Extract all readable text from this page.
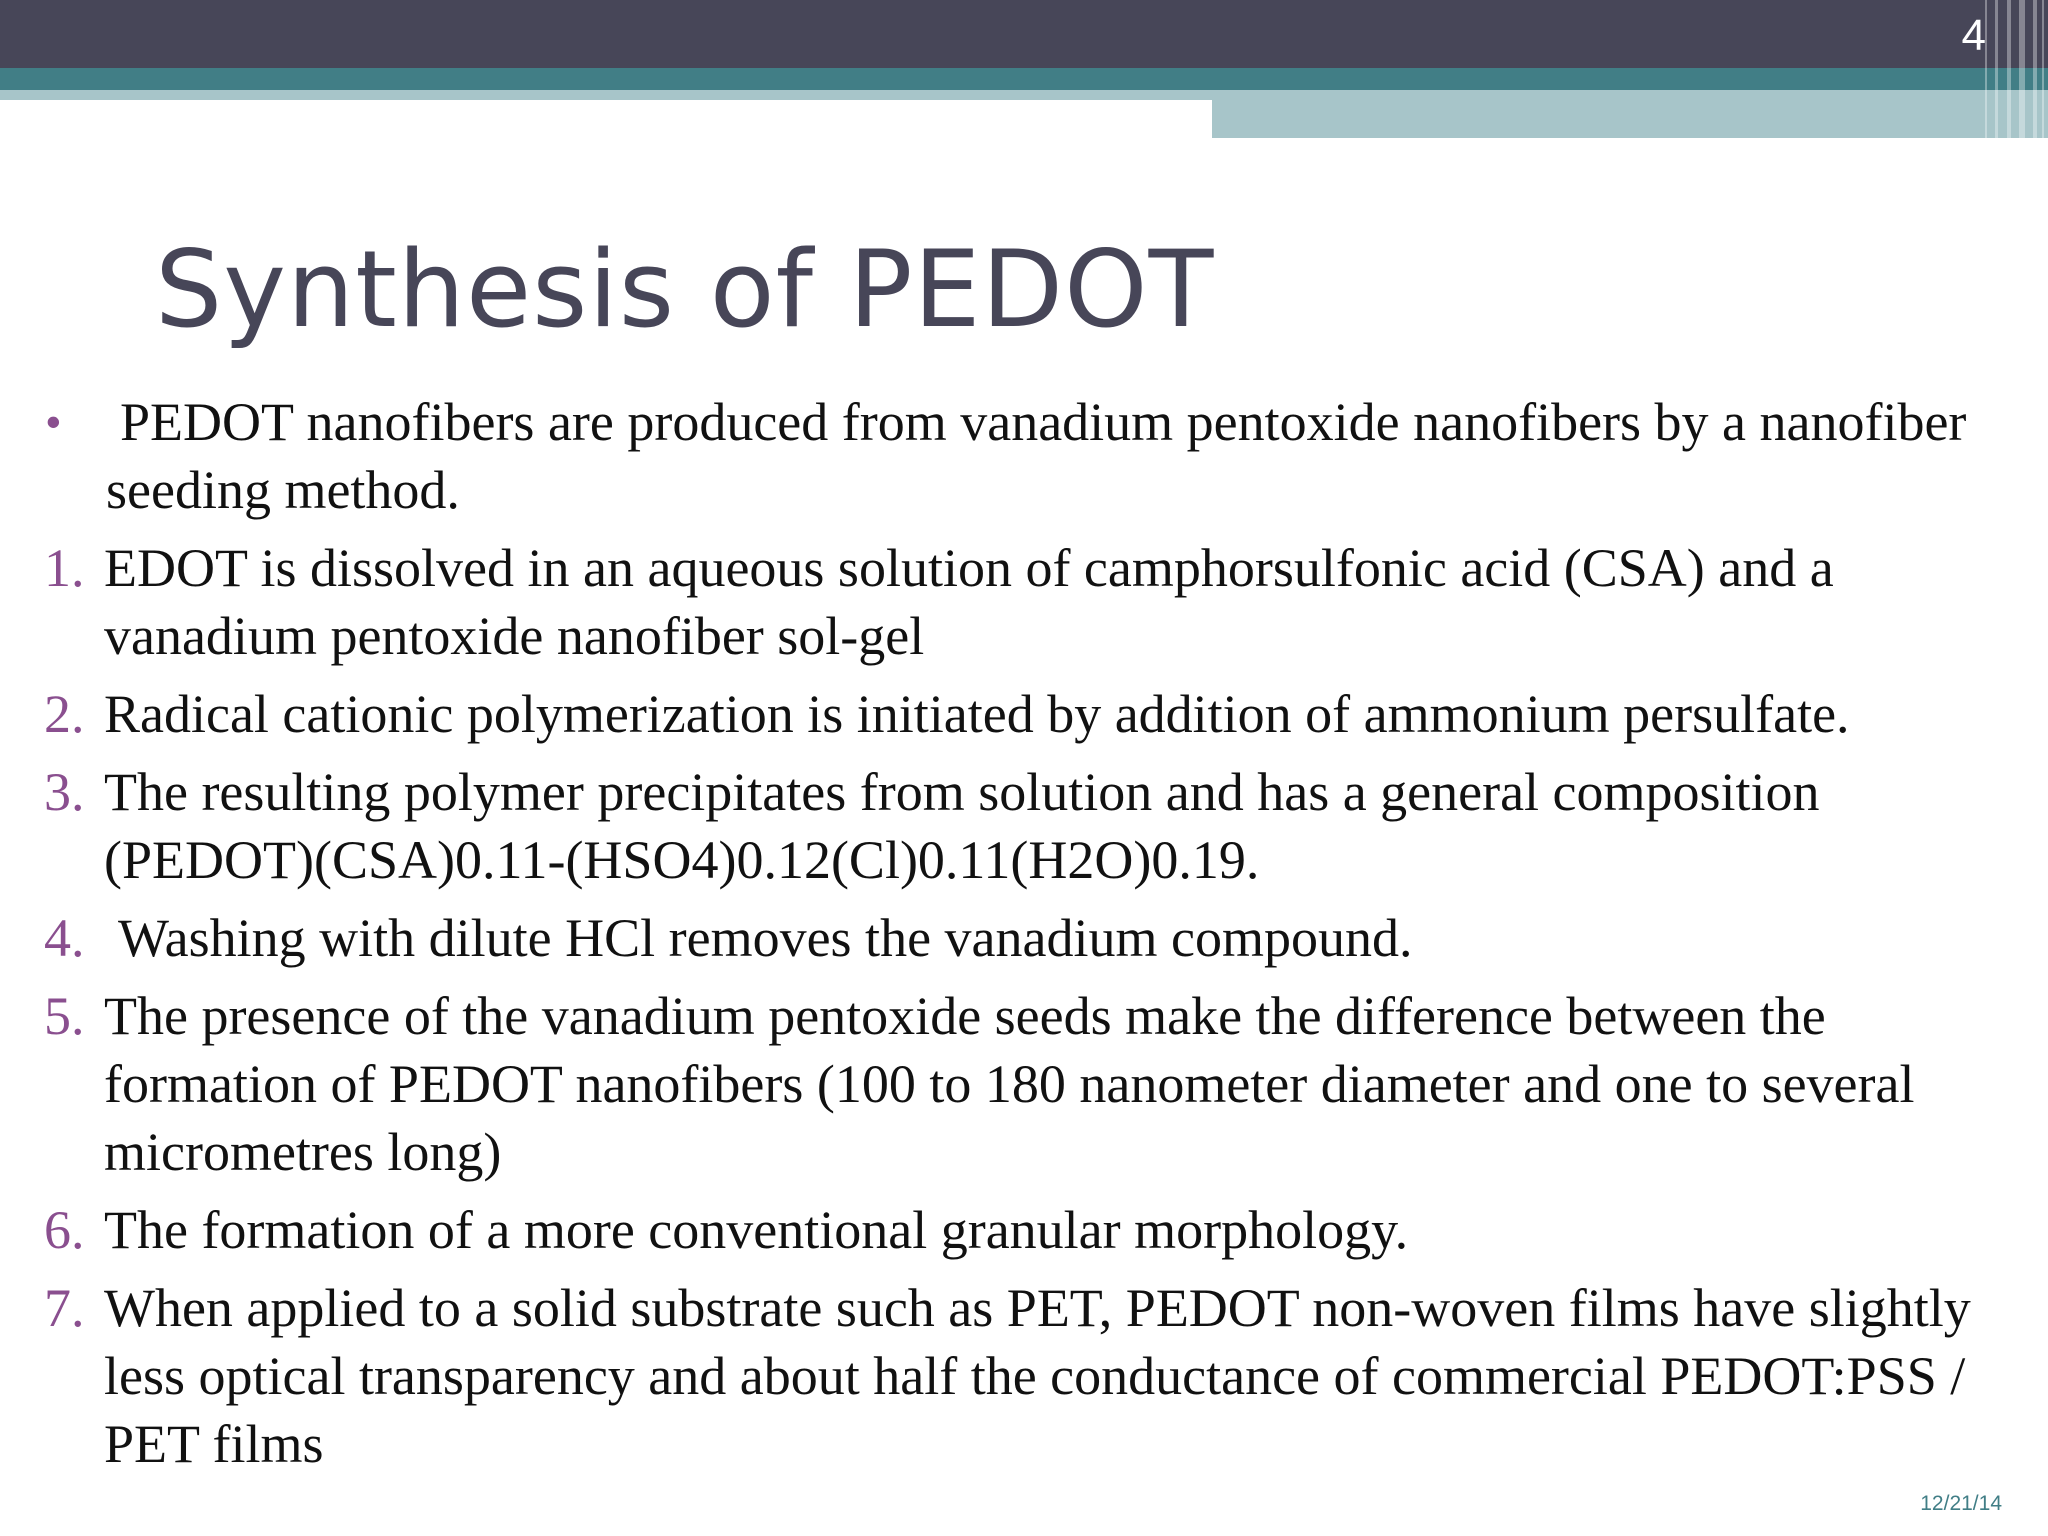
4
Synthesis of PEDOT
•	PEDOT nanofibers are produced from vanadium pentoxide nanofibers by a nanofiber seeding method.
1. EDOT is dissolved in an aqueous solution of camphorsulfonic acid (CSA) and a vanadium pentoxide nanofiber sol-gel
2. Radical cationic polymerization is initiated by addition of ammonium persulfate.
3. The resulting polymer precipitates from solution and has a general composition (PEDOT)(CSA)0.11-(HSO4)0.12(Cl)0.11(H2O)0.19.
4. Washing with dilute HCl removes the vanadium compound.
5. The presence of the vanadium pentoxide seeds make the difference between the formation of PEDOT nanofibers (100 to 180 nanometer diameter and one to several micrometres long)
6. The formation of a more conventional granular morphology.
7. When applied to a solid substrate such as PET, PEDOT non-woven films have slightly less optical transparency and about half the conductance of commercial PEDOT:PSS / PET films
12/21/14
